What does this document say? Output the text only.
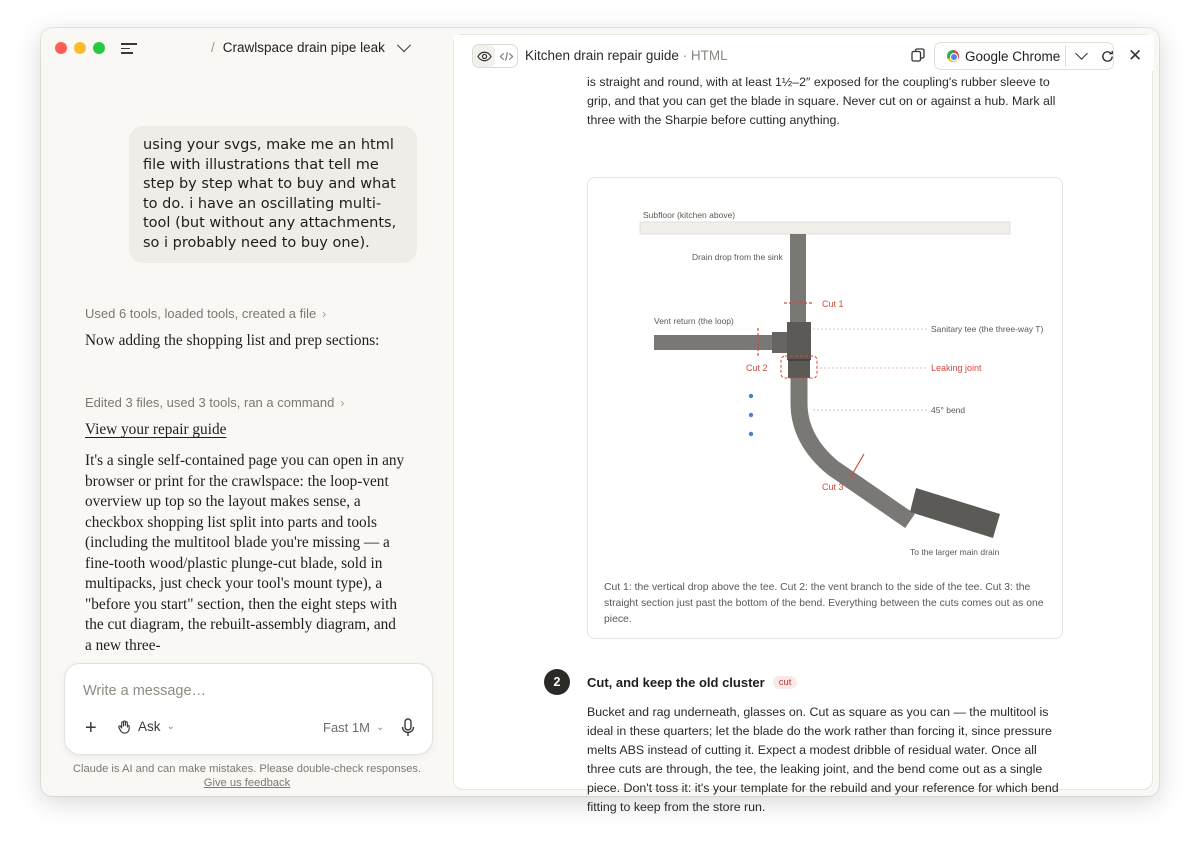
/ Crawlspace drain pipe leak
using your svgs, make me an html file with illustrations that tell me step by step what to buy and what to do. i have an oscillating multi-tool (but without any attachments, so i probably need to buy one).
Used 6 tools, loaded tools, created a file ›
Now adding the shopping list and prep sections:
Edited 3 files, used 3 tools, ran a command ›
View your repair guide
It's a single self-contained page you can open in any browser or print for the crawlspace: the loop-vent overview up top so the layout makes sense, a checkbox shopping list split into parts and tools (including the multitool blade you're missing — a fine-tooth wood/plastic plunge-cut blade, sold in multipacks, just check your tool's mount type), a "before you start" section, then the eight steps with the cut diagram, the rebuilt-assembly diagram, and a new three-
Write a message…
+	Ask ⌄	Fast 1M ⌄
Claude is AI and can make mistakes. Please double-check responses.
Give us feedback
Kitchen drain repair guide · HTML	Google Chrome	✕
is straight and round, with at least 1½–2″ exposed for the coupling's rubber sleeve to grip, and that you can get the blade in square. Never cut on or against a hub. Mark all three with the Sharpie before cutting anything.
Subfloor (kitchen above)
Drain drop from the sink
Vent return (the loop)
Sanitary tee (the three-way T)
45° bend
To the larger main drain
Cut 1
Cut 2
Cut 3
Leaking joint
Cut 1: the vertical drop above the tee. Cut 2: the vent branch to the side of the tee. Cut 3: the straight section just past the bottom of the bend. Everything between the cuts comes out as one piece.
2	Cut, and keep the old cluster	cut
Bucket and rag underneath, glasses on. Cut as square as you can — the multitool is ideal in these quarters; let the blade do the work rather than forcing it, since pressure melts ABS instead of cutting it. Expect a modest dribble of residual water. Once all three cuts are through, the tee, the leaking joint, and the bend come out as a single piece. Don't toss it: it's your template for the rebuild and your reference for which bend fitting to keep from the store run.
